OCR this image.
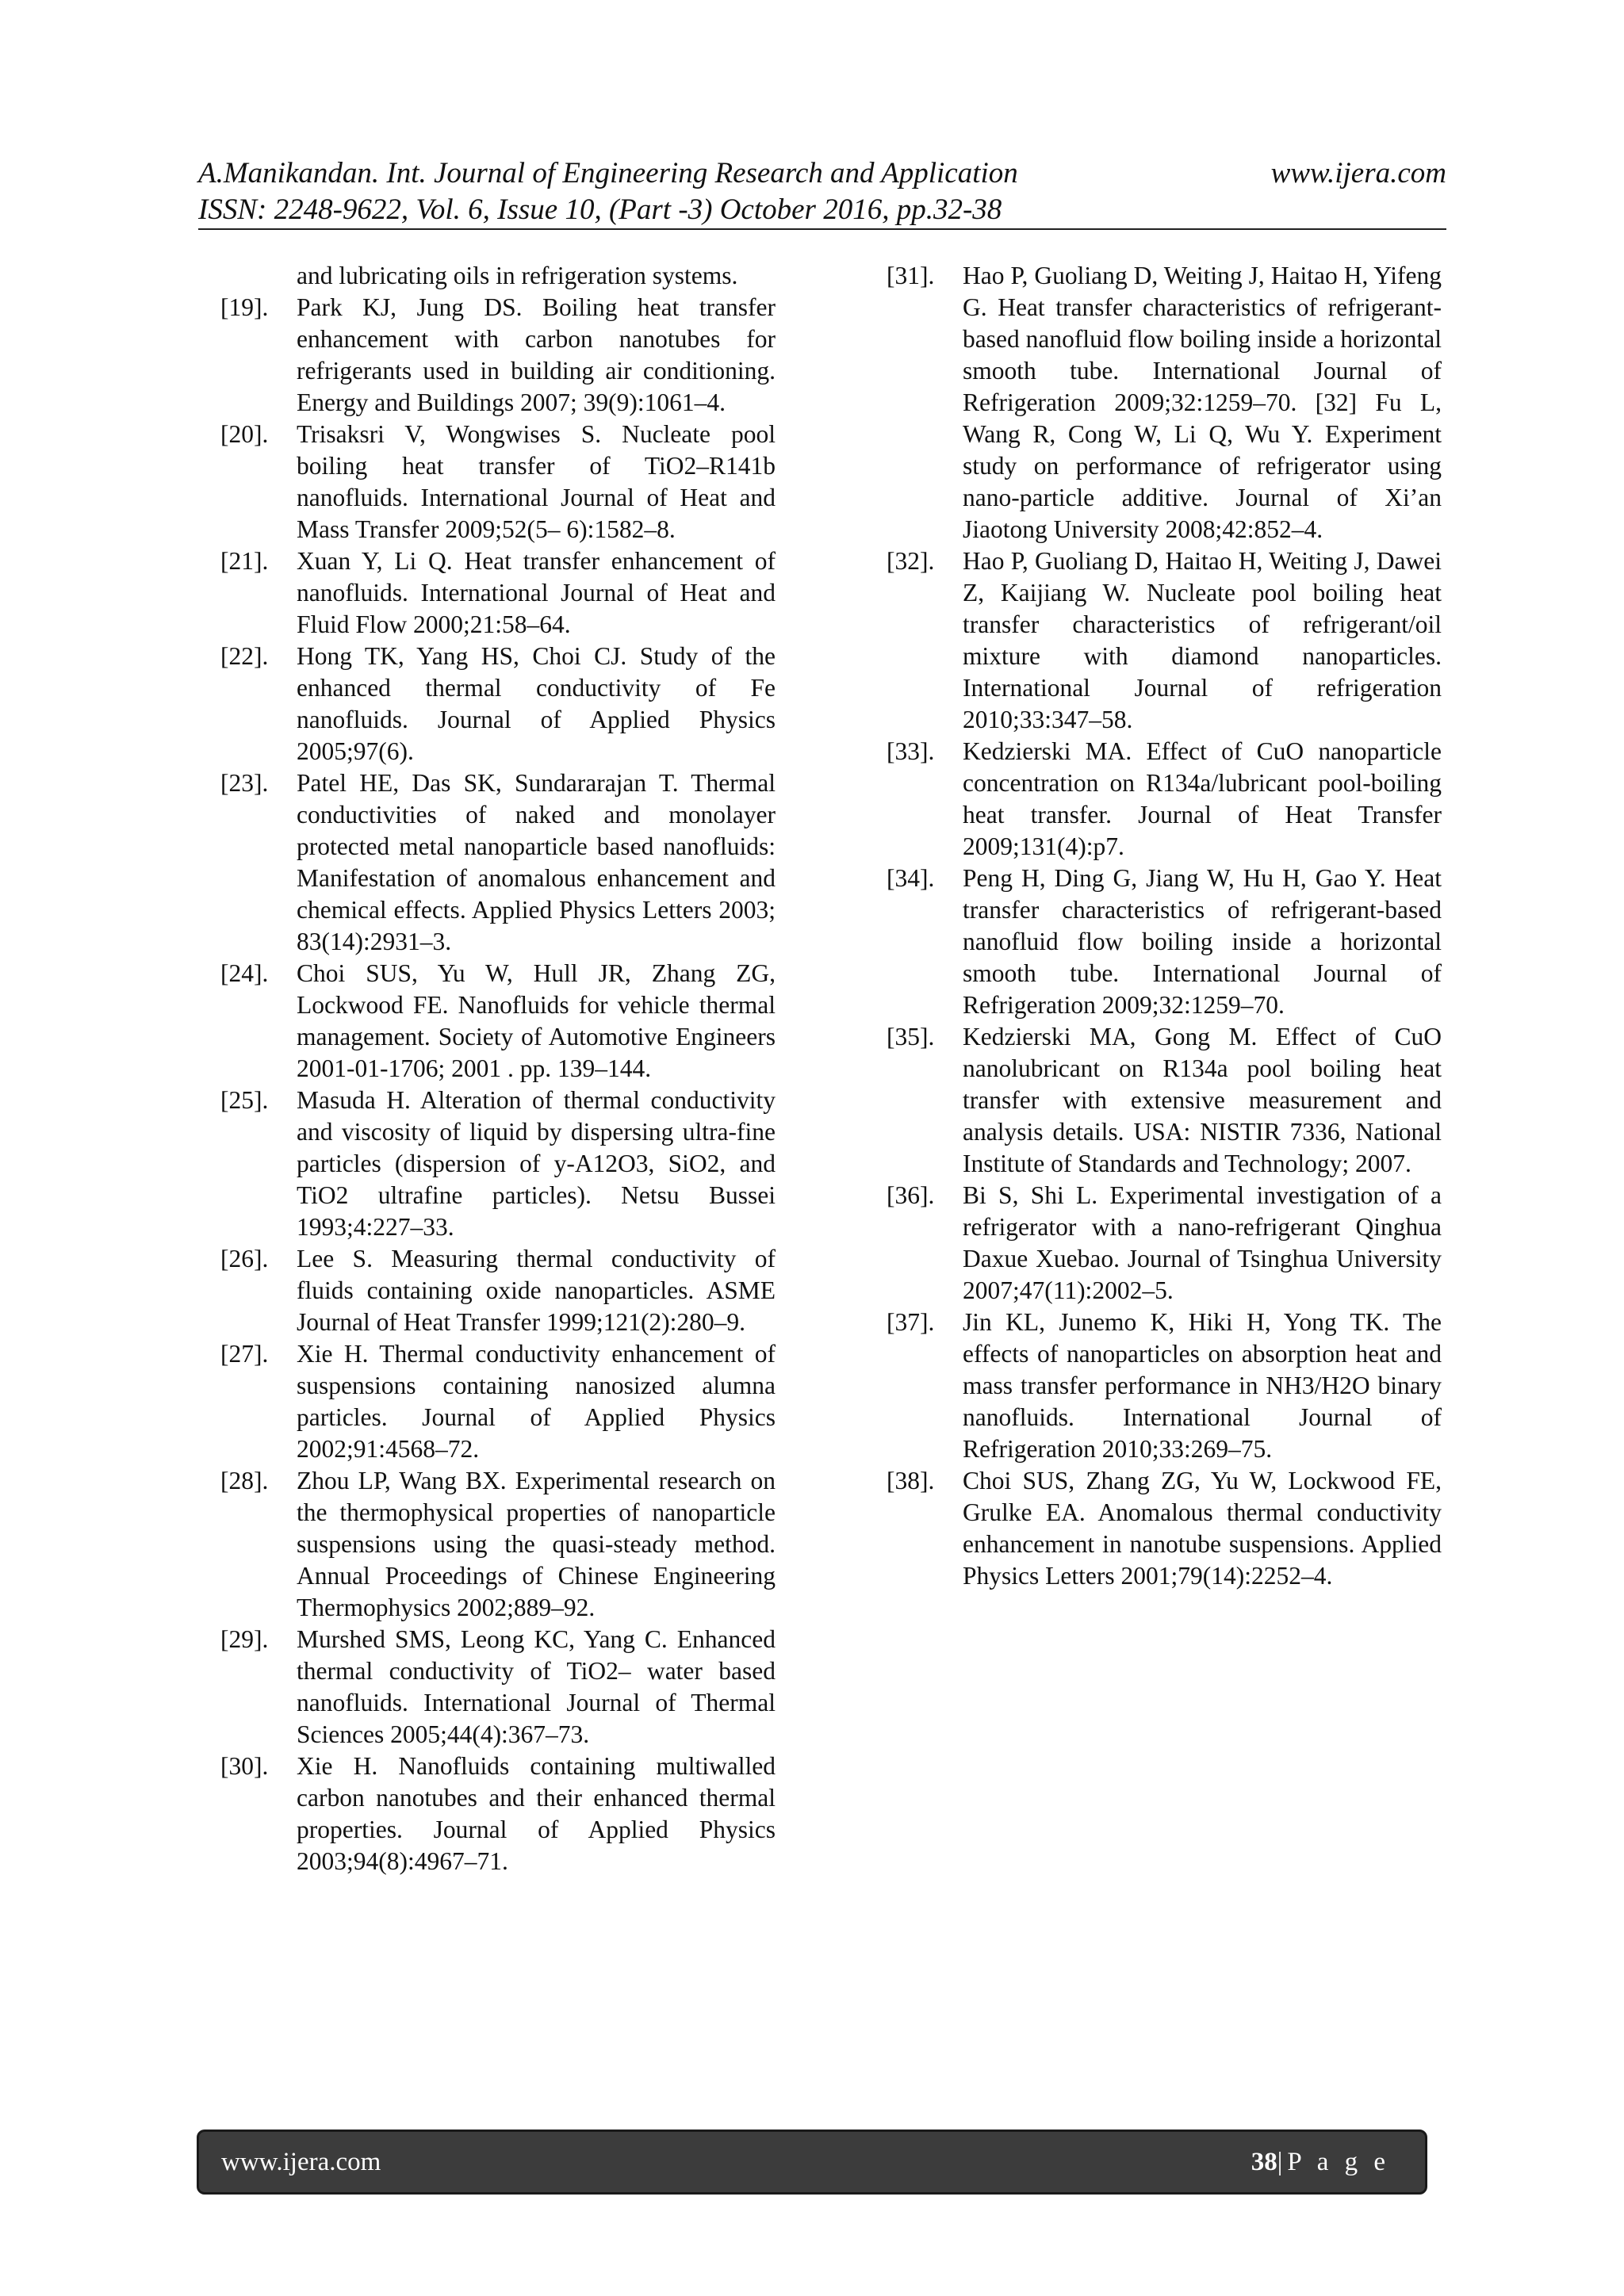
A.Manikandan. Int. Journal of Engineering Research and Application	www.ijera.com
ISSN: 2248-9622, Vol. 6, Issue 10, (Part -3) October 2016, pp.32-38
and lubricating oils in refrigeration systems.
[19].	Park KJ, Jung DS. Boiling heat transfer enhancement with carbon nanotubes for refrigerants used in building air conditioning. Energy and Buildings 2007; 39(9):1061–4.
[20].	Trisaksri V, Wongwises S. Nucleate pool boiling heat transfer of TiO2–R141b nanofluids. International Journal of Heat and Mass Transfer 2009;52(5– 6):1582–8.
[21].	Xuan Y, Li Q. Heat transfer enhancement of nanofluids. International Journal of Heat and Fluid Flow 2000;21:58–64.
[22].	Hong TK, Yang HS, Choi CJ. Study of the enhanced thermal conductivity of Fe nanofluids. Journal of Applied Physics 2005;97(6).
[23].	Patel HE, Das SK, Sundararajan T. Thermal conductivities of naked and monolayer protected metal nanoparticle based nanofluids: Manifestation of anomalous enhancement and chemical effects. Applied Physics Letters 2003; 83(14):2931–3.
[24].	Choi SUS, Yu W, Hull JR, Zhang ZG, Lockwood FE. Nanofluids for vehicle thermal management. Society of Automotive Engineers 2001-01-1706; 2001 . pp. 139–144.
[25].	Masuda H. Alteration of thermal conductivity and viscosity of liquid by dispersing ultra-fine particles (dispersion of y-A12O3, SiO2, and TiO2 ultrafine particles). Netsu Bussei 1993;4:227–33.
[26].	Lee S. Measuring thermal conductivity of fluids containing oxide nanoparticles. ASME Journal of Heat Transfer 1999;121(2):280–9.
[27].	Xie H. Thermal conductivity enhancement of suspensions containing nanosized alumna particles. Journal of Applied Physics 2002;91:4568–72.
[28].	Zhou LP, Wang BX. Experimental research on the thermophysical properties of nanoparticle suspensions using the quasi-steady method. Annual Proceedings of Chinese Engineering Thermophysics 2002;889–92.
[29].	Murshed SMS, Leong KC, Yang C. Enhanced thermal conductivity of TiO2– water based nanofluids. International Journal of Thermal Sciences 2005;44(4):367–73.
[30].	Xie H. Nanofluids containing multiwalled carbon nanotubes and their enhanced thermal properties. Journal of Applied Physics 2003;94(8):4967–71.
[31].	Hao P, Guoliang D, Weiting J, Haitao H, Yifeng G. Heat transfer characteristics of refrigerant-based nanofluid flow boiling inside a horizontal smooth tube. International Journal of Refrigeration 2009;32:1259–70. [32] Fu L, Wang R, Cong W, Li Q, Wu Y. Experiment study on performance of refrigerator using nano-particle additive. Journal of Xi’an Jiaotong University 2008;42:852–4.
[32].	Hao P, Guoliang D, Haitao H, Weiting J, Dawei Z, Kaijiang W. Nucleate pool boiling heat transfer characteristics of refrigerant/oil mixture with diamond nanoparticles. International Journal of refrigeration 2010;33:347–58.
[33].	Kedzierski MA. Effect of CuO nanoparticle concentration on R134a/lubricant pool-boiling heat transfer. Journal of Heat Transfer 2009;131(4):p7.
[34].	Peng H, Ding G, Jiang W, Hu H, Gao Y. Heat transfer characteristics of refrigerant-based nanofluid flow boiling inside a horizontal smooth tube. International Journal of Refrigeration 2009;32:1259–70.
[35].	Kedzierski MA, Gong M. Effect of CuO nanolubricant on R134a pool boiling heat transfer with extensive measurement and analysis details. USA: NISTIR 7336, National Institute of Standards and Technology; 2007.
[36].	Bi S, Shi L. Experimental investigation of a refrigerator with a nano-refrigerant Qinghua Daxue Xuebao. Journal of Tsinghua University 2007;47(11):2002–5.
[37].	Jin KL, Junemo K, Hiki H, Yong TK. The effects of nanoparticles on absorption heat and mass transfer performance in NH3/H2O binary nanofluids. International Journal of Refrigeration 2010;33:269–75.
[38].	Choi SUS, Zhang ZG, Yu W, Lockwood FE, Grulke EA. Anomalous thermal conductivity enhancement in nanotube suspensions. Applied Physics Letters 2001;79(14):2252–4.
www.ijera.com	38|P a g e
